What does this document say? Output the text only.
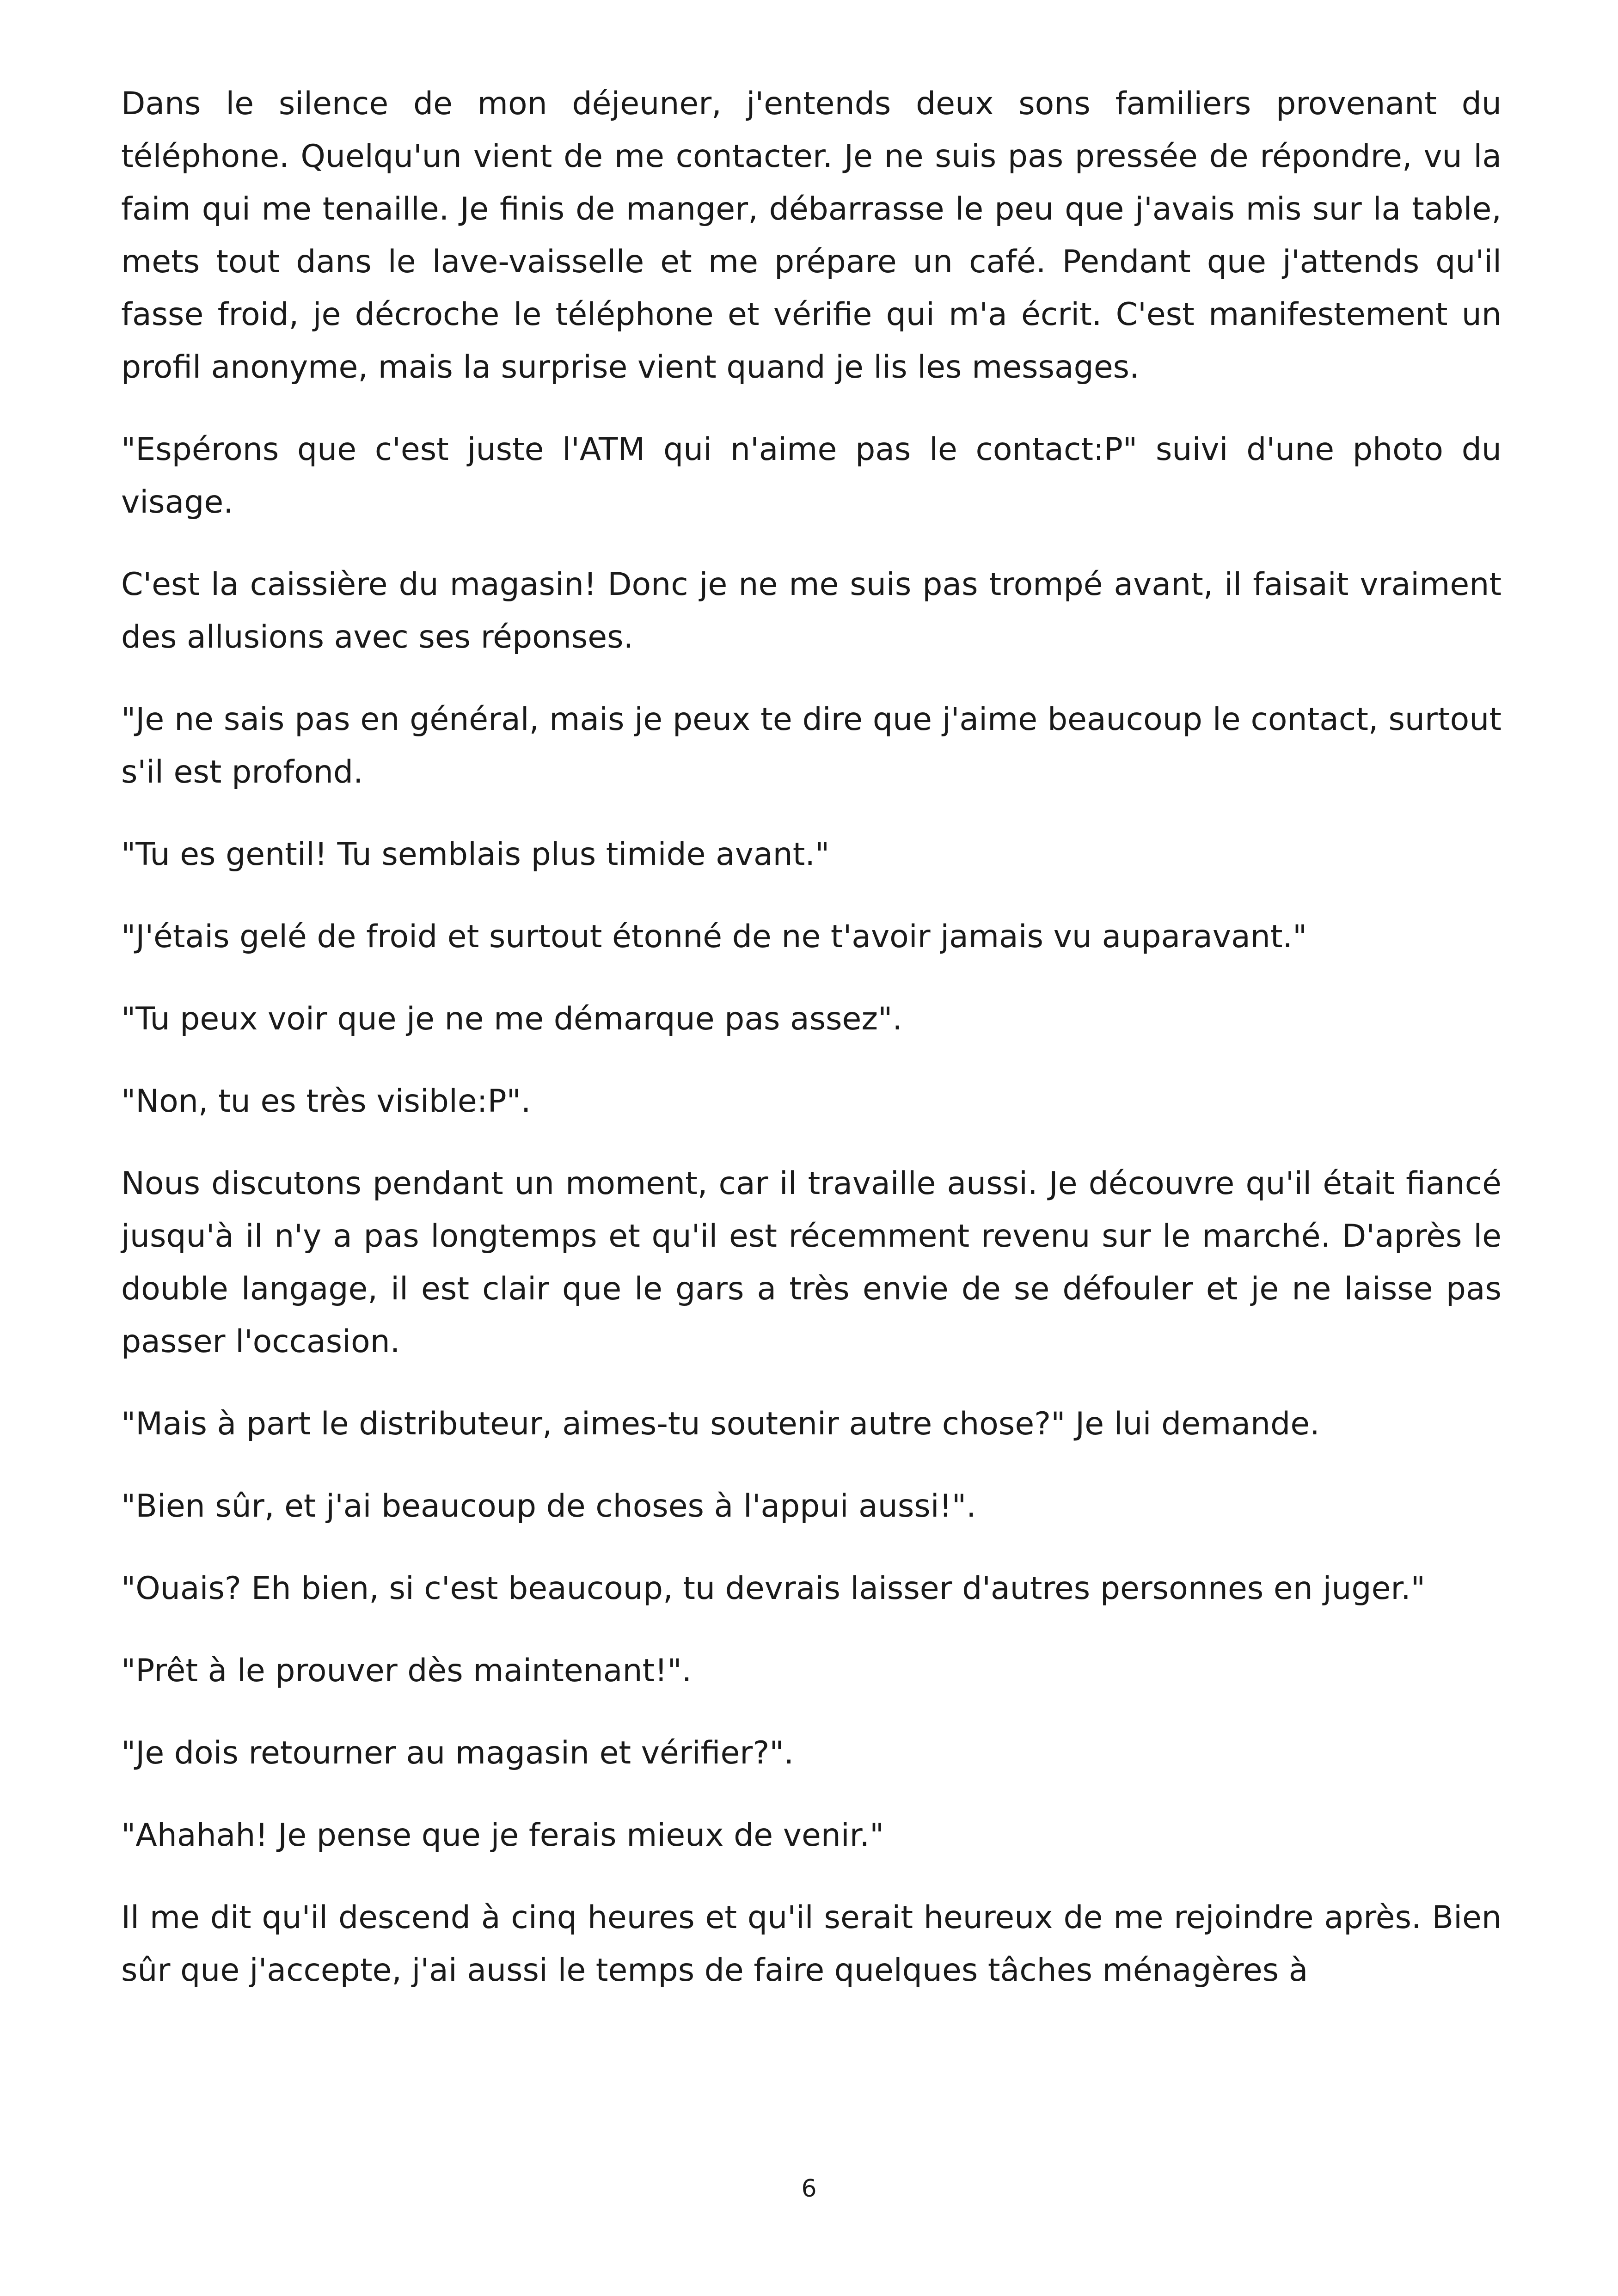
Dans le silence de mon déjeuner, j'entends deux sons familiers provenant du téléphone. Quelqu'un vient de me contacter. Je ne suis pas pressée de répondre, vu la faim qui me tenaille. Je finis de manger, débarrasse le peu que j'avais mis sur la table, mets tout dans le lave-vaisselle et me prépare un café. Pendant que j'attends qu'il fasse froid, je décroche le téléphone et vérifie qui m'a écrit. C'est manifestement un profil anonyme, mais la surprise vient quand je lis les messages.

"Espérons que c'est juste l'ATM qui n'aime pas le contact:P" suivi d'une photo du visage.

C'est la caissière du magasin! Donc je ne me suis pas trompé avant, il faisait vraiment des allusions avec ses réponses.

"Je ne sais pas en général, mais je peux te dire que j'aime beaucoup le contact, surtout s'il est profond.

"Tu es gentil! Tu semblais plus timide avant."

"J'étais gelé de froid et surtout étonné de ne t'avoir jamais vu auparavant."

"Tu peux voir que je ne me démarque pas assez".

"Non, tu es très visible:P".

Nous discutons pendant un moment, car il travaille aussi. Je découvre qu'il était fiancé jusqu'à il n'y a pas longtemps et qu'il est récemment revenu sur le marché. D'après le double langage, il est clair que le gars a très envie de se défouler et je ne laisse pas passer l'occasion.

"Mais à part le distributeur, aimes-tu soutenir autre chose?" Je lui demande.

"Bien sûr, et j'ai beaucoup de choses à l'appui aussi!".

"Ouais? Eh bien, si c'est beaucoup, tu devrais laisser d'autres personnes en juger."

"Prêt à le prouver dès maintenant!".

"Je dois retourner au magasin et vérifier?".

"Ahahah! Je pense que je ferais mieux de venir."

Il me dit qu'il descend à cinq heures et qu'il serait heureux de me rejoindre après. Bien sûr que j'accepte, j'ai aussi le temps de faire quelques tâches ménagères à

6
